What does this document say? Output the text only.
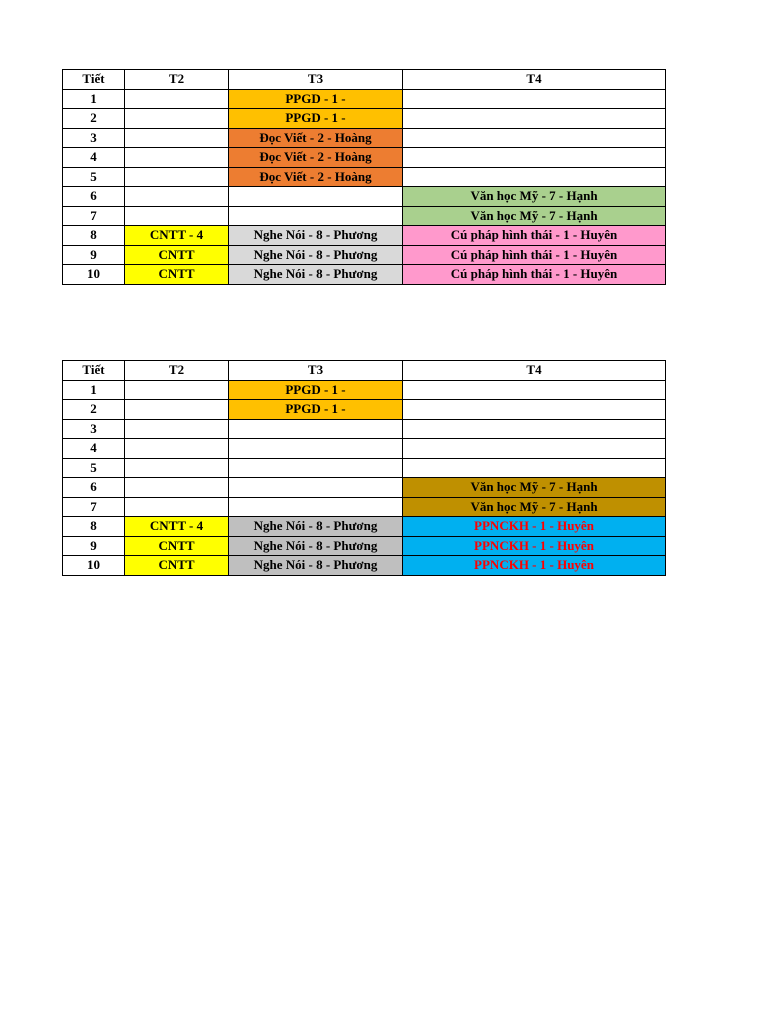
Tiết	T2	T3	T4
1		PPGD - 1 -	
2		PPGD - 1 -	
3		Đọc Viết - 2 - Hoàng	
4		Đọc Viết - 2 - Hoàng	
5		Đọc Viết - 2 - Hoàng	
6			Văn học Mỹ - 7 - Hạnh
7			Văn học Mỹ - 7 - Hạnh
8	CNTT - 4	Nghe Nói - 8 - Phương	Cú pháp hình thái - 1 - Huyên
9	CNTT	Nghe Nói - 8 - Phương	Cú pháp hình thái - 1 - Huyên
10	CNTT	Nghe Nói - 8 - Phương	Cú pháp hình thái - 1 - Huyên
Tiết	T2	T3	T4
1		PPGD - 1 -	
2		PPGD - 1 -	
3			
4			
5			
6			Văn học Mỹ - 7 - Hạnh
7			Văn học Mỹ - 7 - Hạnh
8	CNTT - 4	Nghe Nói - 8 - Phương	PPNCKH - 1 - Huyên
9	CNTT	Nghe Nói - 8 - Phương	PPNCKH - 1 - Huyên
10	CNTT	Nghe Nói - 8 - Phương	PPNCKH - 1 - Huyên
